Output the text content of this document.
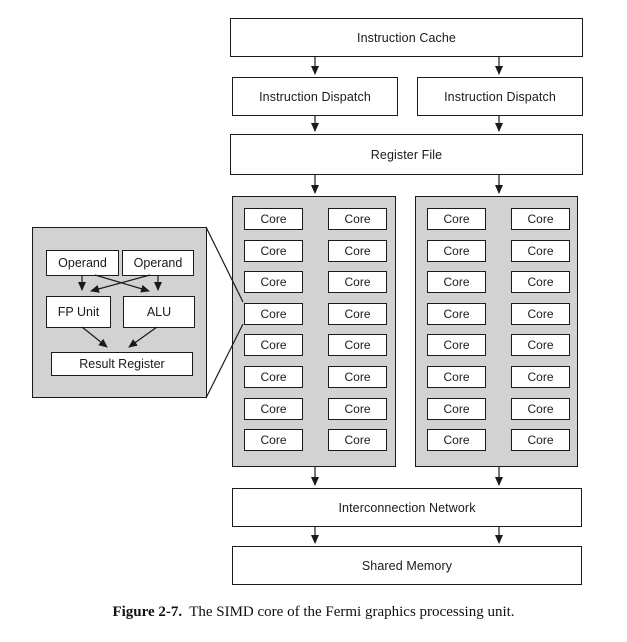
Instruction Cache
Instruction Dispatch	Instruction Dispatch
Register File
Core	Core
Core	Core
Core	Core
Core	Core
Core	Core
Core	Core
Core	Core
Core	Core
Core	Core
Core	Core
Core	Core
Core	Core
Core	Core
Core	Core
Core	Core
Core	Core
Operand	Operand
FP Unit	ALU
Result Register
Interconnection Network
Shared Memory
Figure 2-7. The SIMD core of the Fermi graphics processing unit.
